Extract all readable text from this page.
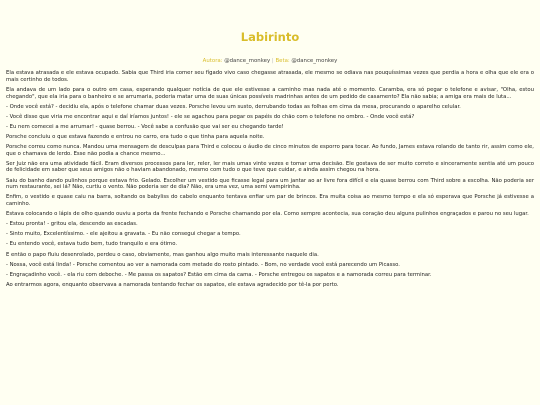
Labirinto
Autora: @dance_monkey | Beta: @dance_monkey

Ela estava atrasada e ele estava ocupado. Sabia que Third iria comer seu fígado vivo caso chegasse atrasada, ele mesmo se odiava nas pouquíssimas vezes que perdia a hora e olha que ele era o mais certinho de todos.

Ela andava de um lado para o outro em casa, esperando qualquer notícia de que ele estivesse a caminho mas nada até o momento. Caramba, era só pegar o telefone e avisar, "Olha, estou chegando", que ela iria para o banheiro e se arrumaria, poderia matar uma de suas únicas possíveis madrinhas antes de um pedido de casamento? Ela não sabia; a amiga era mais de luta...

- Onde você está? - decidiu ela, após o telefone chamar duas vezes. Porsche levou um susto, derrubando todas as folhas em cima da mesa, procurando o aparelho celular.

- Você disse que viria me encontrar aqui e daí iríamos juntos! - ele se agachou para pegar os papéis do chão com o telefone no ombro. - Onde você está?

- Eu nem comecei a me arrumar! - quase berrou. - Você sabe a confusão que vai ser eu chegando tarde!

Porsche concluiu o que estava fazendo e entrou no carro, era tudo o que tinha para aquela noite.

Porsche correu como nunca. Mandou uma mensagem de desculpas para Third e colocou o áudio de cinco minutos de esporro para tocar. Ao fundo, James estava rolando de tanto rir, assim como ele, que o chamava de lerdo. Esse não podia a chance mesmo...

Ser Juiz não era uma atividade fácil. Eram diversos processos para ler, reler, ler mais umas vinte vezes e tomar uma decisão. Ele gostava de ser muito correto e sinceramente sentia até um pouco de felicidade em saber que seus amigos não o haviam abandonado, mesmo com tudo o que teve que cuidar, e ainda assim chegou na hora.

Saiu do banho dando pulinhos porque estava frio. Gelado. Escolher um vestido que ficasse legal para um jantar ao ar livre fora difícil e ela quase berrou com Third sobre a escolha. Não poderia ser num restaurante, sei lá? Não, curtiu o vento. Não poderia ser de dia? Não, era uma vez, uma semi vampirinha.

Enfim, o vestido e quase caiu na barra, soltando os babyliss do cabelo enquanto tentava enfiar um par de brincos. Era muita coisa ao mesmo tempo e ela só esperava que Porsche já estivesse a caminho.

Estava colocando o lápis de olho quando ouviu a porta da frente fechando e Porsche chamando por ela. Como sempre acontecia, sua coração deu alguns pulinhos engraçados e parou no seu lugar.

- Estou pronta! - gritou ela, descendo as escadas.

- Sinto muito, Excelentíssimo. - ele ajeitou a gravata. - Eu não consegui chegar a tempo.

- Eu entendo você, estava tudo bem, tudo tranquilo e era ótimo.

E então o papo fluiu desenrolado, perdeu o caso, obviamente, mas ganhou algo muito mais interessante naquele dia.

- Nossa, você está linda! - Porsche comentou ao ver a namorada com metade do rosto pintado. - Bom, no verdade você está parecendo um Picasso.

- Engraçadinho você. - ela riu com deboche. - Me passa os sapatos? Estão em cima da cama. - Porsche entregou os sapatos e a namorada correu para terminar.

Ao entrarmos agora, enquanto observava a namorada tentando fechar os sapatos, ele estava agradecido por tê-la por perto.
